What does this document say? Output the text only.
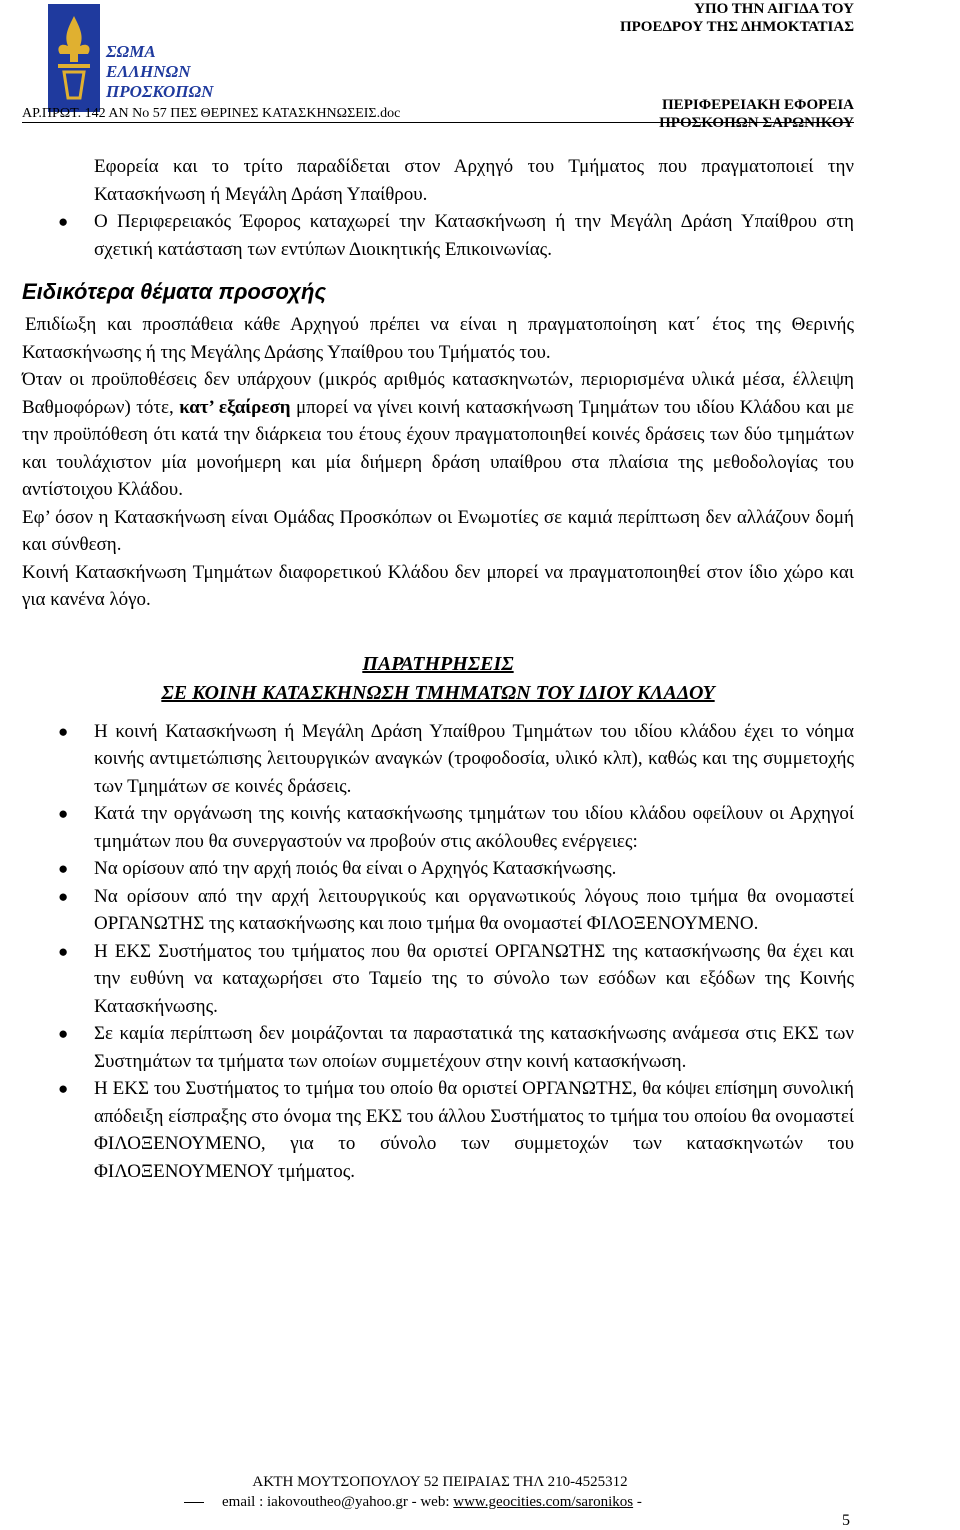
ΣΩΜΑ ΕΛΛΗΝΩΝ ΠΡΟΣΚΟΠΩΝ
ΥΠΟ ΤΗΝ ΑΙΓΙΔΑ ΤΟΥ
ΠΡΟΕΔΡΟΥ ΤΗΣ ΔΗΜΟΚΤΑΤΙΑΣ
ΠΕΡΙΦΕΡΕΙΑΚΗ ΕΦΟΡΕΙΑ
ΠΡΟΣΚΟΠΩΝ ΣΑΡΩΝΙΚΟΥ
ΑΡ.ΠΡΩΤ. 142 ΑΝ Νο 57 ΠΕΣ ΘΕΡΙΝΕΣ ΚΑΤΑΣΚΗΝΩΣΕΙΣ.doc
Εφορεία και το τρίτο παραδίδεται στον Αρχηγό του Τμήματος που πραγματοποιεί την Κατασκήνωση ή Μεγάλη Δράση Υπαίθρου.
● Ο Περιφερειακός Έφορος καταχωρεί την Κατασκήνωση ή την Μεγάλη Δράση Υπαίθρου στη σχετική κατάσταση των εντύπων Διοικητικής Επικοινωνίας.
Ειδικότερα θέματα προσοχής
Επιδίωξη και προσπάθεια κάθε Αρχηγού πρέπει να είναι η πραγματοποίηση κατ΄ έτος της Θερινής Κατασκήνωσης ή της Μεγάλης Δράσης Υπαίθρου του Τμήματός του.
Όταν οι προϋποθέσεις δεν υπάρχουν (μικρός αριθμός κατασκηνωτών, περιορισμένα υλικά μέσα, έλλειψη Βαθμοφόρων) τότε, κατ’ εξαίρεση μπορεί να γίνει κοινή κατασκήνωση Τμημάτων του ιδίου Κλάδου και με την προϋπόθεση ότι κατά την διάρκεια του έτους έχουν πραγματοποιηθεί κοινές δράσεις των δύο τμημάτων και τουλάχιστον μία μονοήμερη και μία διήμερη δράση υπαίθρου στα πλαίσια της μεθοδολογίας του αντίστοιχου Κλάδου.
Εφ’ όσον η Κατασκήνωση είναι Ομάδας Προσκόπων οι Ενωμοτίες σε καμιά περίπτωση δεν αλλάζουν δομή και σύνθεση.
Κοινή Κατασκήνωση Τμημάτων διαφορετικού Κλάδου δεν μπορεί να πραγματοποιηθεί στον ίδιο χώρο και για κανένα λόγο.
ΠΑΡΑΤΗΡΗΣΕΙΣ
ΣΕ ΚΟΙΝΗ ΚΑΤΑΣΚΗΝΩΣΗ ΤΜΗΜΑΤΩΝ ΤΟΥ ΙΔΙΟΥ ΚΛΑΔΟΥ
● Η κοινή Κατασκήνωση ή Μεγάλη Δράση Υπαίθρου Τμημάτων του ιδίου κλάδου έχει το νόημα κοινής αντιμετώπισης λειτουργικών αναγκών (τροφοδοσία, υλικό κλπ), καθώς και της συμμετοχής των Τμημάτων σε κοινές δράσεις.
● Κατά την οργάνωση της κοινής κατασκήνωσης τμημάτων του ιδίου κλάδου οφείλουν οι Αρχηγοί τμημάτων που θα συνεργαστούν να προβούν στις ακόλουθες ενέργειες:
● Να ορίσουν από την αρχή ποιός θα είναι ο Αρχηγός Κατασκήνωσης.
● Να ορίσουν από την αρχή λειτουργικούς και οργανωτικούς λόγους ποιο τμήμα θα ονομαστεί ΟΡΓΑΝΩΤΗΣ της κατασκήνωσης και ποιο τμήμα θα ονομαστεί ΦΙΛΟΞΕΝΟΥΜΕΝΟ.
● Η ΕΚΣ Συστήματος του τμήματος που θα οριστεί ΟΡΓΑΝΩΤΗΣ της κατασκήνωσης θα έχει και την ευθύνη να καταχωρήσει στο Ταμείο της το σύνολο των εσόδων και εξόδων της Κοινής Κατασκήνωσης.
● Σε καμία περίπτωση δεν μοιράζονται τα παραστατικά της κατασκήνωσης ανάμεσα στις ΕΚΣ των Συστημάτων τα τμήματα των οποίων συμμετέχουν στην κοινή κατασκήνωση.
● Η ΕΚΣ του Συστήματος το τμήμα του οποίο θα οριστεί ΟΡΓΑΝΩΤΗΣ, θα κόψει επίσημη συνολική απόδειξη είσπραξης στο όνομα της ΕΚΣ του άλλου Συστήματος το τμήμα του οποίου θα ονομαστεί ΦΙΛΟΞΕΝΟΥΜΕΝΟ, για το σύνολο των συμμετοχών των κατασκηνωτών του ΦΙΛΟΞΕΝΟΥΜΕΝΟΥ τμήματος.
ΑΚΤΗ ΜΟΥΤΣΟΠΟΥΛΟΥ 52 ΠΕΙΡΑΙΑΣ ΤΗΛ 210-4525312
email : iakovoutheo@yahoo.gr - web: www.geocities.com/saronikos -
5
